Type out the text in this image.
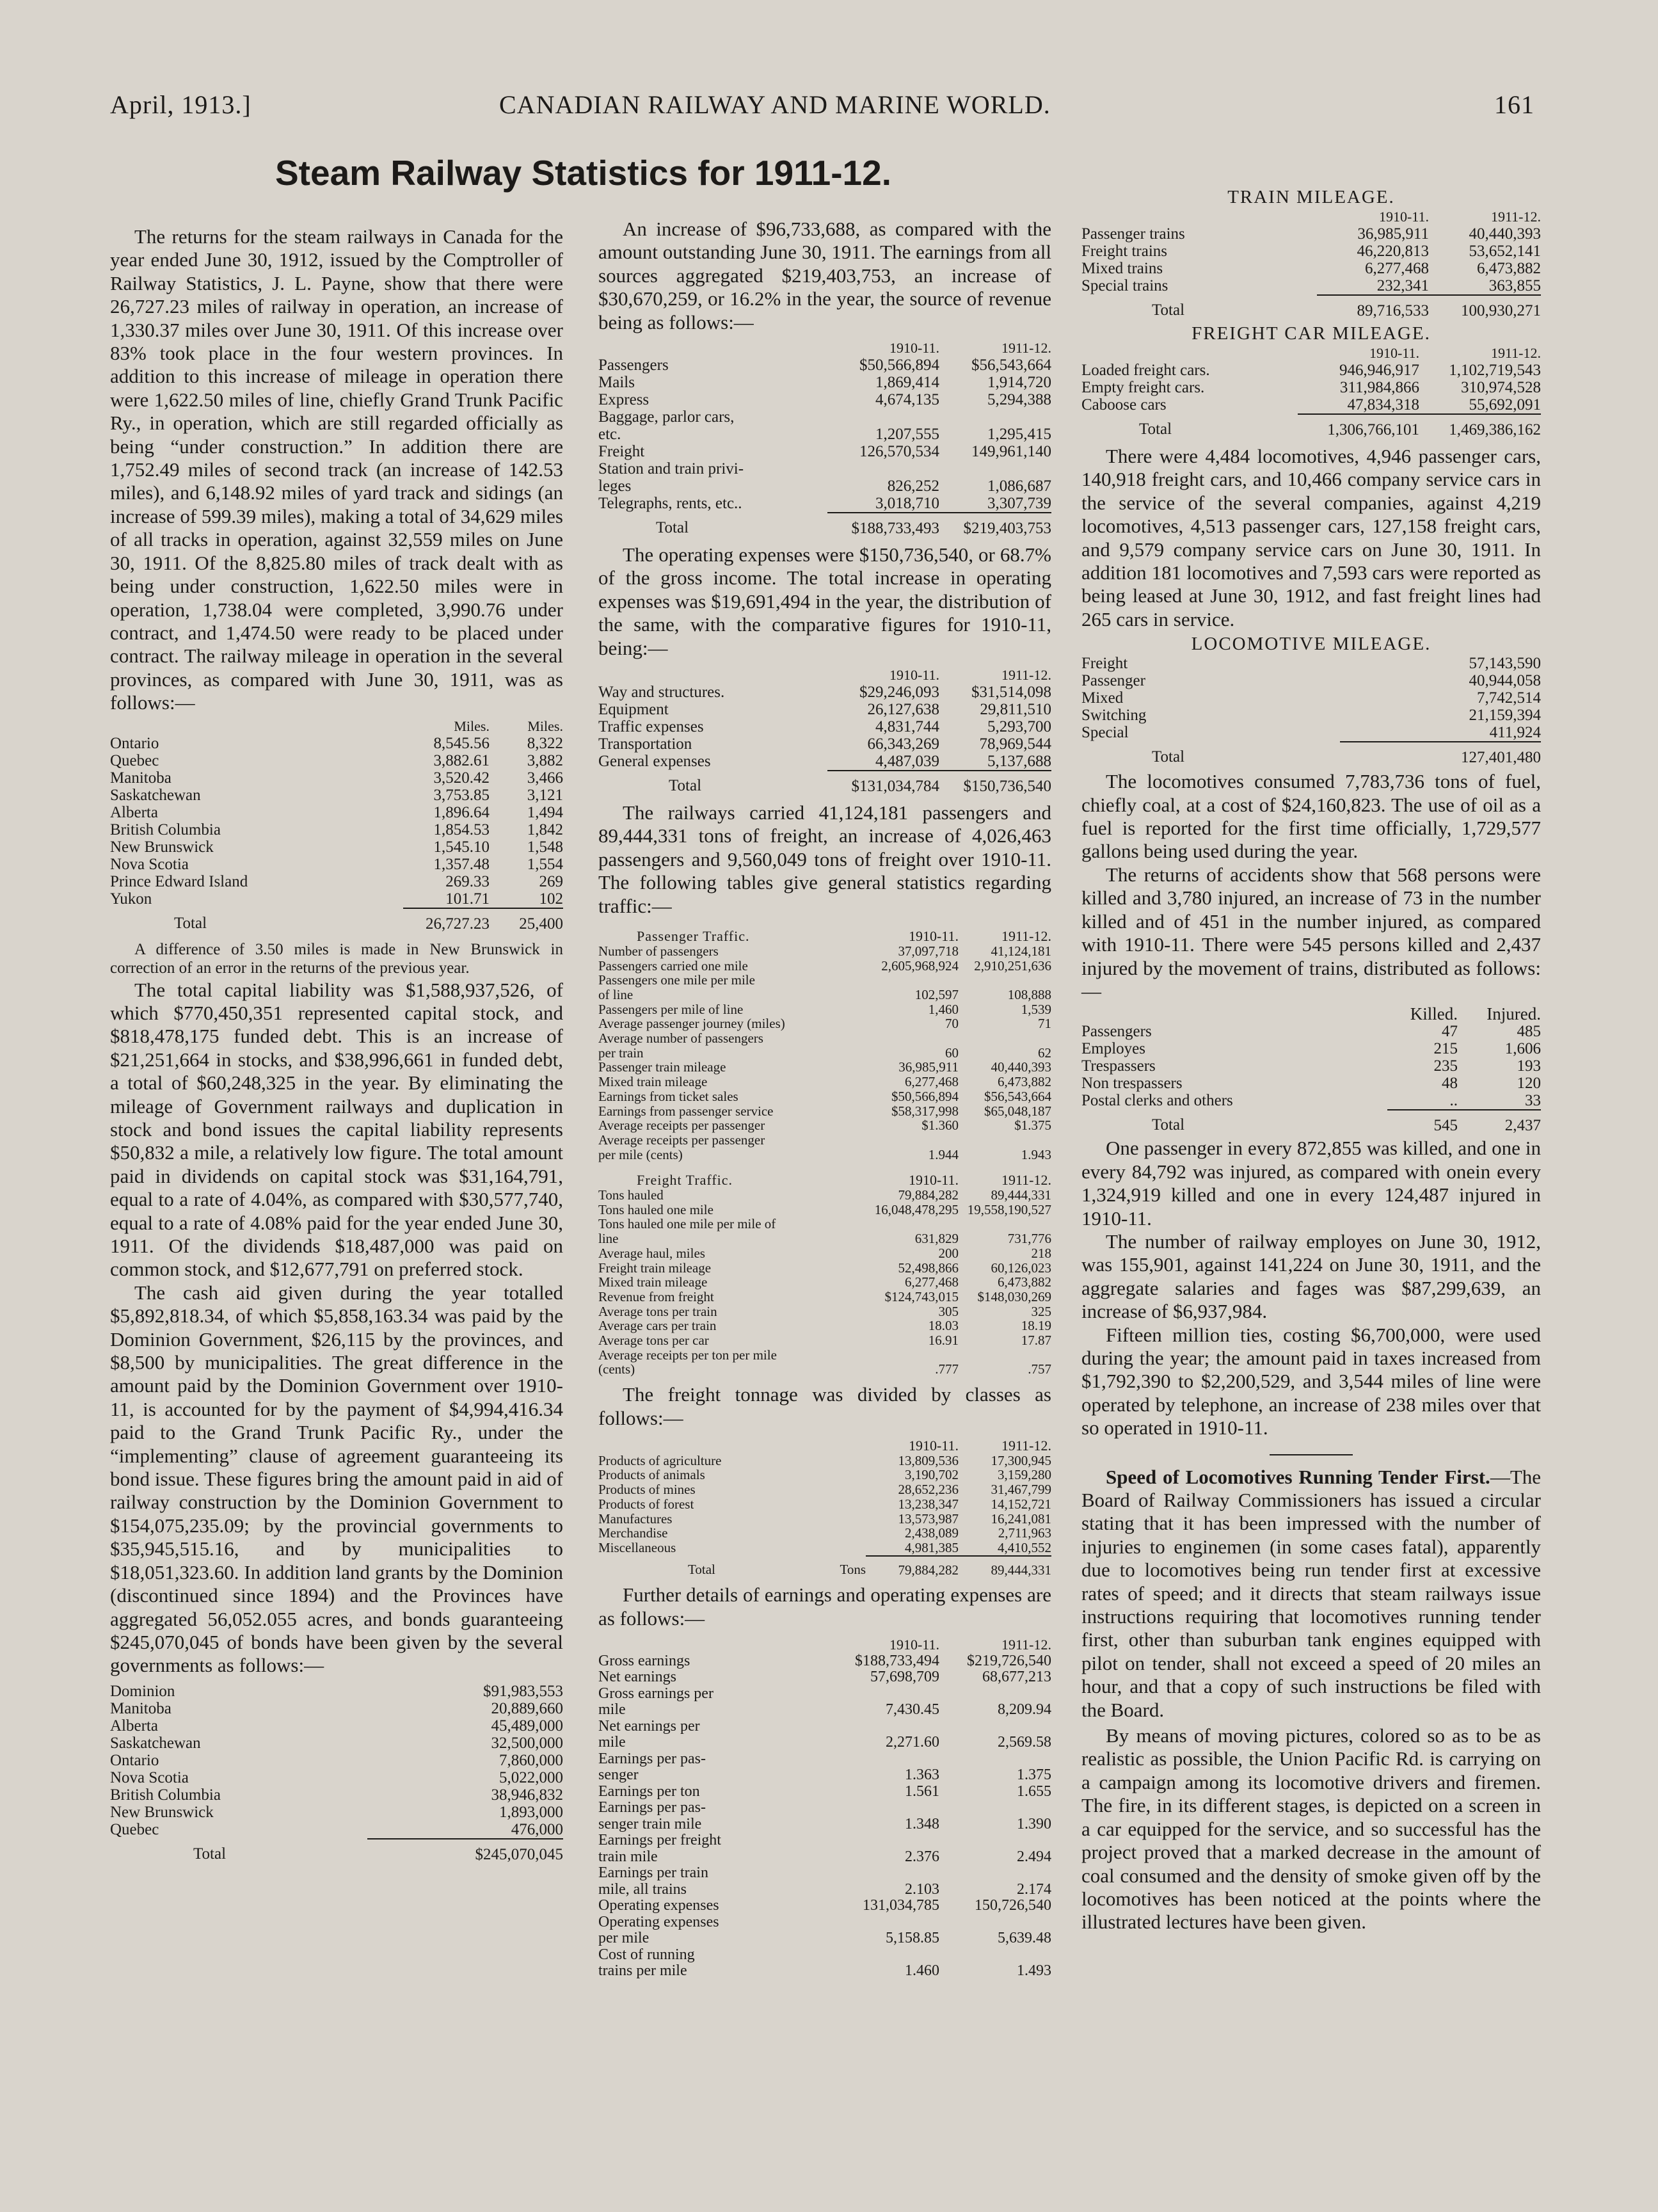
April, 1913.]	CANADIAN RAILWAY AND MARINE WORLD.	161
Steam Railway Statistics for 1911-12.

The returns for the steam railways in Canada for the year ended June 30, 1912, issued by the Comptroller of Railway Statistics, J. L. Payne, show that there were 26,727.23 miles of railway in operation, an increase of 1,330.37 miles over June 30, 1911. Of this increase over 83% took place in the four western provinces. In addition to this increase of mileage in operation there were 1,622.50 miles of line, chiefly Grand Trunk Pacific Ry., in operation, which are still regarded officially as being “under construction.” In addition there are 1,752.49 miles of second track (an increase of 142.53 miles), and 6,148.92 miles of yard track and sidings (an increase of 599.39 miles), making a total of 34,629 miles of all tracks in operation, against 32,559 miles on June 30, 1911. Of the 8,825.80 miles of track dealt with as being under construction, 1,622.50 miles were in operation, 1,738.04 were completed, 3,990.76 under contract, and 1,474.50 were ready to be placed under contract. The railway mileage in operation in the several provinces, as compared with June 30, 1911, was as follows:—

	Miles.	Miles.
Ontario	8,545.56	8,322
Quebec	3,882.61	3,882
Manitoba	3,520.42	3,466
Saskatchewan	3,753.85	3,121
Alberta	1,896.64	1,494
British Columbia	1,854.53	1,842
New Brunswick	1,545.10	1,548
Nova Scotia	1,357.48	1,554
Prince Edward Island	269.33	269
Yukon	101.71	102

Total	26,727.23	25,400

A difference of 3.50 miles is made in New Brunswick in correction of an error in the returns of the previous year.

The total capital liability was $1,588,937,526, of which $770,450,351 represented capital stock, and $818,478,175 funded debt. This is an increase of $21,251,664 in stocks, and $38,996,661 in funded debt, a total of $60,248,325 in the year. By eliminating the mileage of Government railways and duplication in stock and bond issues the capital liability represents $50,832 a mile, a relatively low figure. The total amount paid in dividends on capital stock was $31,164,791, equal to a rate of 4.04%, as compared with $30,577,740, equal to a rate of 4.08% paid for the year ended June 30, 1911. Of the dividends $18,487,000 was paid on common stock, and $12,677,791 on preferred stock.

The cash aid given during the year totalled $5,892,818.34, of which $5,858,163.34 was paid by the Dominion Government, $26,115 by the provinces, and $8,500 by municipalities. The great difference in the amount paid by the Dominion Government over 1910-11, is accounted for by the payment of $4,994,416.34 paid to the Grand Trunk Pacific Ry., under the “implementing” clause of agreement guaranteeing its bond issue. These figures bring the amount paid in aid of railway construction by the Dominion Government to $154,075,235.09; by the provincial governments to $35,945,515.16, and by municipalities to $18,051,323.60. In addition land grants by the Dominion (discontinued since 1894) and the Provinces have aggregated 56,052.055 acres, and bonds guaranteeing $245,070,045 of bonds have been given by the several governments as follows:—

Dominion	$91,983,553
Manitoba	20,889,660
Alberta	45,489,000
Saskatchewan	32,500,000
Ontario	7,860,000
Nova Scotia	5,022,000
British Columbia	38,946,832
New Brunswick	1,893,000
Quebec	476,000

Total	$245,070,045

An increase of $96,733,688, as compared with the amount outstanding June 30, 1911. The earnings from all sources aggregated $219,403,753, an increase of $30,670,259, or 16.2% in the year, the source of revenue being as follows:—

	1910-11.	1911-12.
Passengers	$50,566,894	$56,543,664
Mails	1,869,414	1,914,720
Express	4,674,135	5,294,388
Baggage, parlor cars,		
etc.	1,207,555	1,295,415
Freight	126,570,534	149,961,140
Station and train privi-		
leges	826,252	1,086,687
Telegraphs, rents, etc..	3,018,710	3,307,739

Total	$188,733,493	$219,403,753

The operating expenses were $150,736,540, or 68.7% of the gross income. The total increase in operating expenses was $19,691,494 in the year, the distribution of the same, with the comparative figures for 1910-11, being:—

	1910-11.	1911-12.
Way and structures.	$29,246,093	$31,514,098
Equipment	26,127,638	29,811,510
Traffic expenses	4,831,744	5,293,700
Transportation	66,343,269	78,969,544
General expenses	4,487,039	5,137,688

Total	$131,034,784	$150,736,540

The railways carried 41,124,181 passengers and 89,444,331 tons of freight, an increase of 4,026,463 passengers and 9,560,049 tons of freight over 1910-11. The following tables give general statistics regarding traffic:—

Passenger Traffic.	1910-11.	1911-12.
Number of passengers	37,097,718	41,124,181
Passengers carried one mile	2,605,968,924	2,910,251,636
Passengers one mile per mile		
of line	102,597	108,888
Passengers per mile of line	1,460	1,539
Average passenger journey (miles)	70	71
Average number of passengers		
per train	60	62
Passenger train mileage	36,985,911	40,440,393
Mixed train mileage	6,277,468	6,473,882
Earnings from ticket sales	$50,566,894	$56,543,664
Earnings from passenger service	$58,317,998	$65,048,187
Average receipts per passenger	$1.360	$1.375
Average receipts per passenger		
per mile (cents)	1.944	1.943
Freight Traffic.	1910-11.	1911-12.
Tons hauled	79,884,282	89,444,331
Tons hauled one mile	16,048,478,295	19,558,190,527
Tons hauled one mile per mile of		
line	631,829	731,776
Average haul, miles	200	218
Freight train mileage	52,498,866	60,126,023
Mixed train mileage	6,277,468	6,473,882
Revenue from freight	$124,743,015	$148,030,269
Average tons per train	305	325
Average cars per train	18.03	18.19
Average tons per car	16.91	17.87
Average receipts per ton per mile		
(cents)	.777	.757

The freight tonnage was divided by classes as follows:—

		1910-11.	1911-12.
Products of agriculture		13,809,536	17,300,945
Products of animals		3,190,702	3,159,280
Products of mines		28,652,236	31,467,799
Products of forest		13,238,347	14,152,721
Manufactures		13,573,987	16,241,081
Merchandise		2,438,089	2,711,963
Miscellaneous		4,981,385	4,410,552

Total	Tons	79,884,282	89,444,331

Further details of earnings and operating expenses are as follows:—

	1910-11.	1911-12.
Gross earnings	$188,733,494	$219,726,540
Net earnings	57,698,709	68,677,213
Gross earnings per		
mile	7,430.45	8,209.94
Net earnings per		
mile	2,271.60	2,569.58
Earnings per pas-		
senger	1.363	1.375
Earnings per ton	1.561	1.655
Earnings per pas-		
senger train mile	1.348	1.390
Earnings per freight		
train mile	2.376	2.494
Earnings per train		
mile, all trains	2.103	2.174
Operating expenses	131,034,785	150,726,540
Operating expenses		
per mile	5,158.85	5,639.48
Cost of running		
trains per mile	1.460	1.493
TRAIN MILEAGE.
	1910-11.	1911-12.
Passenger trains	36,985,911	40,440,393
Freight trains	46,220,813	53,652,141
Mixed trains	6,277,468	6,473,882
Special trains	232,341	363,855

Total	89,716,533	100,930,271
FREIGHT CAR MILEAGE.
	1910-11.	1911-12.
Loaded freight cars.	946,946,917	1,102,719,543
Empty freight cars.	311,984,866	310,974,528
Caboose cars	47,834,318	55,692,091

Total	1,306,766,101	1,469,386,162

There were 4,484 locomotives, 4,946 passenger cars, 140,918 freight cars, and 10,466 company service cars in the service of the several companies, against 4,219 locomotives, 4,513 passenger cars, 127,158 freight cars, and 9,579 company service cars on June 30, 1911. In addition 181 locomotives and 7,593 cars were reported as being leased at June 30, 1912, and fast freight lines had 265 cars in service.

LOCOMOTIVE MILEAGE.
Freight	57,143,590
Passenger	40,944,058
Mixed	7,742,514
Switching	21,159,394
Special	411,924

Total	127,401,480

The locomotives consumed 7,783,736 tons of fuel, chiefly coal, at a cost of $24,160,823. The use of oil as a fuel is reported for the first time officially, 1,729,577 gallons being used during the year.

The returns of accidents show that 568 persons were killed and 3,780 injured, an increase of 73 in the number killed and of 451 in the number injured, as compared with 1910-11. There were 545 persons killed and 2,437 injured by the movement of trains, distributed as follows:—

	Killed.	Injured.
Passengers	47	485
Employes	215	1,606
Trespassers	235	193
Non trespassers	48	120
Postal clerks and others	..	33

Total	545	2,437

One passenger in every 872,855 was killed, and one in every 84,792 was injured, as compared with onein every 1,324,919 killed and one in every 124,487 injured in 1910-11.

The number of railway employes on June 30, 1912, was 155,901, against 141,224 on June 30, 1911, and the aggregate salaries and fages was $87,299,639, an increase of $6,937,984.

Fifteen million ties, costing $6,700,000, were used during the year; the amount paid in taxes increased from $1,792,390 to $2,200,529, and 3,544 miles of line were operated by telephone, an increase of 238 miles over that so operated in 1910-11.

Speed of Locomotives Running Tender First.—The Board of Railway Commissioners has issued a circular stating that it has been impressed with the number of injuries to enginemen (in some cases fatal), apparently due to locomotives being run tender first at excessive rates of speed; and it directs that steam railways issue instructions requiring that locomotives running tender first, other than suburban tank engines equipped with pilot on tender, shall not exceed a speed of 20 miles an hour, and that a copy of such instructions be filed with the Board.

By means of moving pictures, colored so as to be as realistic as possible, the Union Pacific Rd. is carrying on a campaign among its locomotive drivers and firemen. The fire, in its different stages, is depicted on a screen in a car equipped for the service, and so successful has the project proved that a marked decrease in the amount of coal consumed and the density of smoke given off by the locomotives has been noticed at the points where the illustrated lectures have been given.
